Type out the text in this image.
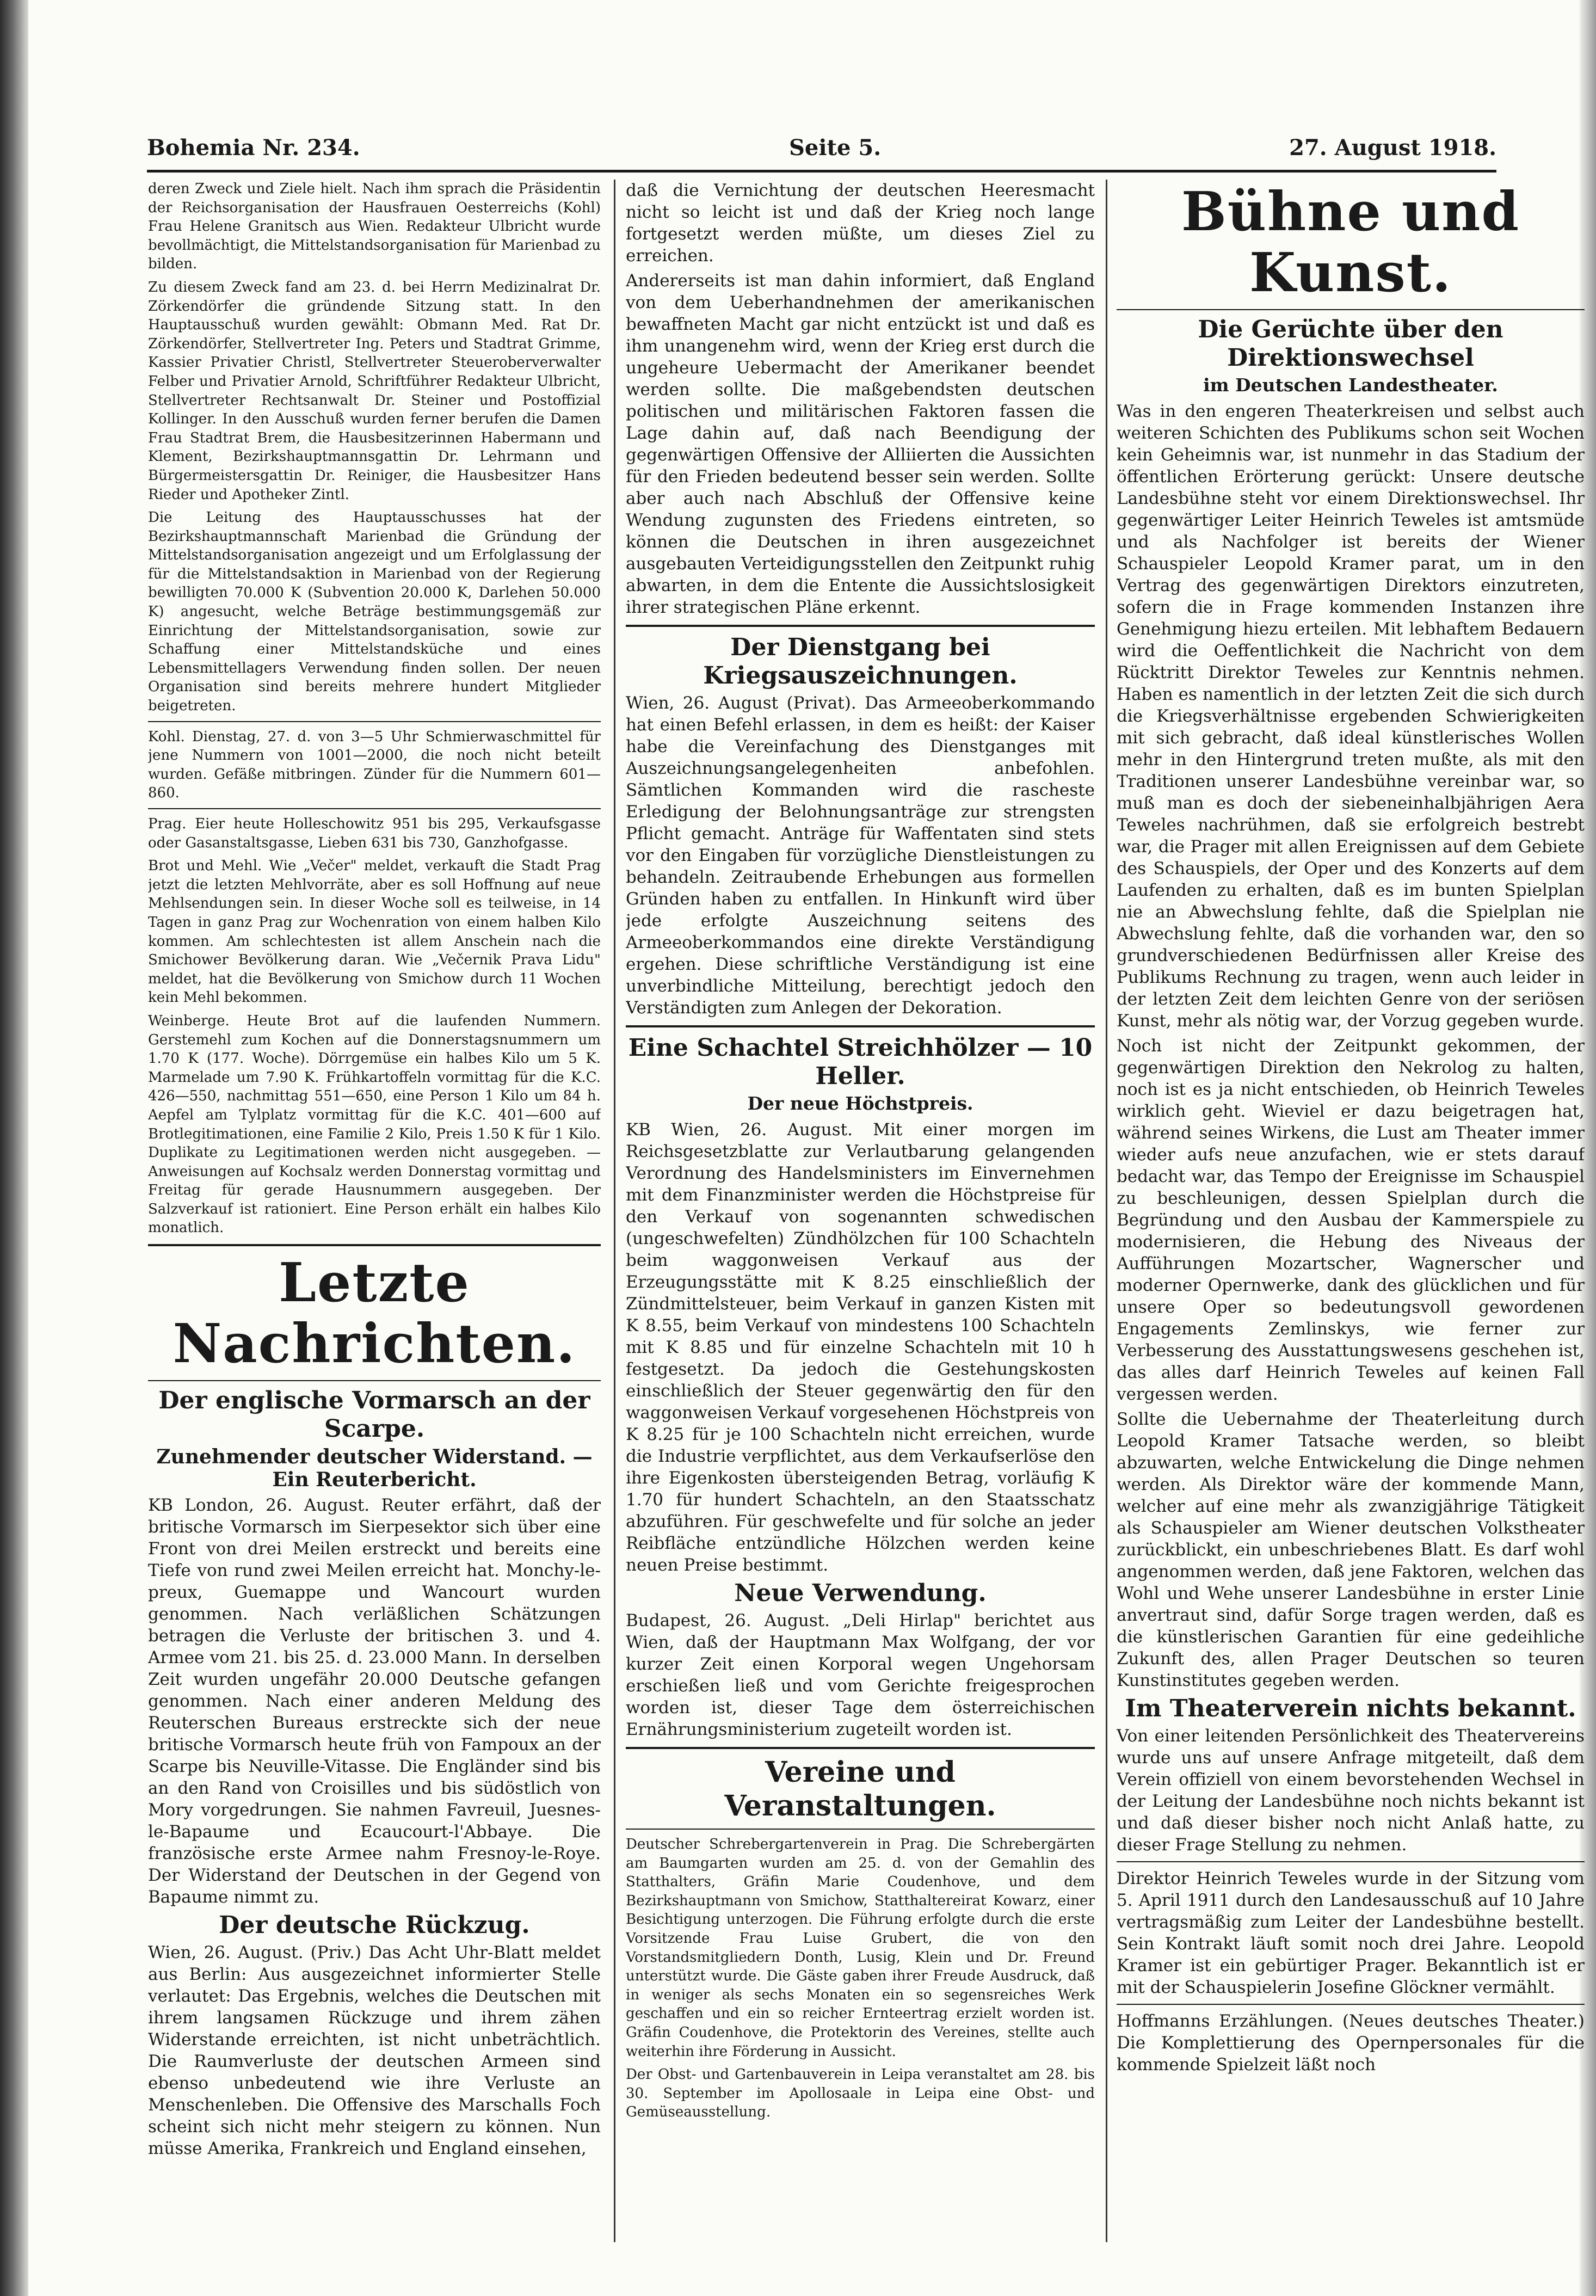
Bohemia Nr. 234.	Seite 5.	27. August 1918.

deren Zweck und Ziele hielt. Nach ihm sprach die Präsidentin der Reichsorganisation der Hausfrauen Oesterreichs (Kohl) Frau Helene Granitsch aus Wien. Redakteur Ulbricht wurde bevollmächtigt, die Mittelstandsorganisation für Marienbad zu bilden.

Zu diesem Zweck fand am 23. d. bei Herrn Medizinalrat Dr. Zörkendörfer die gründende Sitzung statt. In den Hauptausschuß wurden gewählt: Obmann Med. Rat Dr. Zörkendörfer, Stellvertreter Ing. Peters und Stadtrat Grimme, Kassier Privatier Christl, Stellvertreter Steueroberverwalter Felber und Privatier Arnold, Schriftführer Redakteur Ulbricht, Stellvertreter Rechtsanwalt Dr. Steiner und Postoffizial Kollinger. In den Ausschuß wurden ferner berufen die Damen Frau Stadtrat Brem, die Hausbesitzerinnen Habermann und Klement, Bezirkshauptmannsgattin Dr. Lehrmann und Bürgermeistersgattin Dr. Reiniger, die Hausbesitzer Hans Rieder und Apotheker Zintl.

Die Leitung des Hauptausschusses hat der Bezirkshauptmannschaft Marienbad die Gründung der Mittelstandsorganisation angezeigt und um Erfolglassung der für die Mittelstandsaktion in Marienbad von der Regierung bewilligten 70.000 K (Subvention 20.000 K, Darlehen 50.000 K) angesucht, welche Beträge bestimmungsgemäß zur Einrichtung der Mittelstandsorganisation, sowie zur Schaffung einer Mittelstandsküche und eines Lebensmittellagers Verwendung finden sollen. Der neuen Organisation sind bereits mehrere hundert Mitglieder beigetreten.

Kohl. Dienstag, 27. d. von 3—5 Uhr Schmierwaschmittel für jene Nummern von 1001—2000, die noch nicht beteilt wurden. Gefäße mitbringen. Zünder für die Nummern 601—860.

Prag. Eier heute Holleschowitz 951 bis 295, Verkaufsgasse oder Gasanstaltsgasse, Lieben 631 bis 730, Ganzhofgasse.

Brot und Mehl. Wie „Večer" meldet, verkauft die Stadt Prag jetzt die letzten Mehlvorräte, aber es soll Hoffnung auf neue Mehlsendungen sein. In dieser Woche soll es teilweise, in 14 Tagen in ganz Prag zur Wochenration von einem halben Kilo kommen. Am schlechtesten ist allem Anschein nach die Smichower Bevölkerung daran. Wie „Večernik Prava Lidu" meldet, hat die Bevölkerung von Smichow durch 11 Wochen kein Mehl bekommen.

Weinberge. Heute Brot auf die laufenden Nummern. Gerstemehl zum Kochen auf die Donnerstagsnummern um 1.70 K (177. Woche). Dörrgemüse ein halbes Kilo um 5 K. Marmelade um 7.90 K. Frühkartoffeln vormittag für die K.C. 426—550, nachmittag 551—650, eine Person 1 Kilo um 84 h. Aepfel am Tylplatz vormittag für die K.C. 401—600 auf Brotlegitimationen, eine Familie 2 Kilo, Preis 1.50 K für 1 Kilo. Duplikate zu Legitimationen werden nicht ausgegeben. — Anweisungen auf Kochsalz werden Donnerstag vormittag und Freitag für gerade Hausnummern ausgegeben. Der Salzverkauf ist rationiert. Eine Person erhält ein halbes Kilo monatlich.

Letzte Nachrichten.
Der englische Vormarsch an der Scarpe.
Zunehmender deutscher Widerstand. — Ein Reuterbericht.

KB London, 26. August. Reuter erfährt, daß der britische Vormarsch im Sierpesektor sich über eine Front von drei Meilen erstreckt und bereits eine Tiefe von rund zwei Meilen erreicht hat. Monchy-le-preux, Guemappe und Wancourt wurden genommen. Nach verläßlichen Schätzungen betragen die Verluste der britischen 3. und 4. Armee vom 21. bis 25. d. 23.000 Mann. In derselben Zeit wurden ungefähr 20.000 Deutsche gefangen genommen. Nach einer anderen Meldung des Reuterschen Bureaus erstreckte sich der neue britische Vormarsch heute früh von Fampoux an der Scarpe bis Neuville-Vitasse. Die Engländer sind bis an den Rand von Croisilles und bis südöstlich von Mory vorgedrungen. Sie nahmen Favreuil, Juesnes-le-Bapaume und Ecaucourt-l'Abbaye. Die französische erste Armee nahm Fresnoy-le-Roye. Der Widerstand der Deutschen in der Gegend von Bapaume nimmt zu.

Der deutsche Rückzug.

Wien, 26. August. (Priv.) Das Acht Uhr-Blatt meldet aus Berlin: Aus ausgezeichnet informierter Stelle verlautet: Das Ergebnis, welches die Deutschen mit ihrem langsamen Rückzuge und ihrem zähen Widerstande erreichten, ist nicht unbeträchtlich. Die Raumverluste der deutschen Armeen sind ebenso unbedeutend wie ihre Verluste an Menschenleben. Die Offensive des Marschalls Foch scheint sich nicht mehr steigern zu können. Nun müsse Amerika, Frankreich und England einsehen,

daß die Vernichtung der deutschen Heeresmacht nicht so leicht ist und daß der Krieg noch lange fortgesetzt werden müßte, um dieses Ziel zu erreichen.

Andererseits ist man dahin informiert, daß England von dem Ueberhandnehmen der amerikanischen bewaffneten Macht gar nicht entzückt ist und daß es ihm unangenehm wird, wenn der Krieg erst durch die ungeheure Uebermacht der Amerikaner beendet werden sollte. Die maßgebendsten deutschen politischen und militärischen Faktoren fassen die Lage dahin auf, daß nach Beendigung der gegenwärtigen Offensive der Alliierten die Aussichten für den Frieden bedeutend besser sein werden. Sollte aber auch nach Abschluß der Offensive keine Wendung zugunsten des Friedens eintreten, so können die Deutschen in ihren ausgezeichnet ausgebauten Verteidigungsstellen den Zeitpunkt ruhig abwarten, in dem die Entente die Aussichtslosigkeit ihrer strategischen Pläne erkennt.

Der Dienstgang bei Kriegsauszeichnungen.

Wien, 26. August (Privat). Das Armeeoberkommando hat einen Befehl erlassen, in dem es heißt: der Kaiser habe die Vereinfachung des Dienstganges mit Auszeichnungsangelegenheiten anbefohlen. Sämtlichen Kommanden wird die rascheste Erledigung der Belohnungsanträge zur strengsten Pflicht gemacht. Anträge für Waffentaten sind stets vor den Eingaben für vorzügliche Dienstleistungen zu behandeln. Zeitraubende Erhebungen aus formellen Gründen haben zu entfallen. In Hinkunft wird über jede erfolgte Auszeichnung seitens des Armeeoberkommandos eine direkte Verständigung ergehen. Diese schriftliche Verständigung ist eine unverbindliche Mitteilung, berechtigt jedoch den Verständigten zum Anlegen der Dekoration.

Eine Schachtel Streichhölzer — 10 Heller.
Der neue Höchstpreis.

KB Wien, 26. August. Mit einer morgen im Reichsgesetzblatte zur Verlautbarung gelangenden Verordnung des Handelsministers im Einvernehmen mit dem Finanzminister werden die Höchstpreise für den Verkauf von sogenannten schwedischen (ungeschwefelten) Zündhölzchen für 100 Schachteln beim waggonweisen Verkauf aus der Erzeugungsstätte mit K 8.25 einschließlich der Zündmittelsteuer, beim Verkauf in ganzen Kisten mit K 8.55, beim Verkauf von mindestens 100 Schachteln mit K 8.85 und für einzelne Schachteln mit 10 h festgesetzt. Da jedoch die Gestehungskosten einschließlich der Steuer gegenwärtig den für den waggonweisen Verkauf vorgesehenen Höchstpreis von K 8.25 für je 100 Schachteln nicht erreichen, wurde die Industrie verpflichtet, aus dem Verkaufserlöse den ihre Eigenkosten übersteigenden Betrag, vorläufig K 1.70 für hundert Schachteln, an den Staatsschatz abzuführen. Für geschwefelte und für solche an jeder Reibfläche entzündliche Hölzchen werden keine neuen Preise bestimmt.

Neue Verwendung.

Budapest, 26. August. „Deli Hirlap" berichtet aus Wien, daß der Hauptmann Max Wolfgang, der vor kurzer Zeit einen Korporal wegen Ungehorsam erschießen ließ und vom Gerichte freigesprochen worden ist, dieser Tage dem österreichischen Ernährungsministerium zugeteilt worden ist.

Vereine und Veranstaltungen.

Deutscher Schrebergartenverein in Prag. Die Schrebergärten am Baumgarten wurden am 25. d. von der Gemahlin des Statthalters, Gräfin Marie Coudenhove, und dem Bezirkshauptmann von Smichow, Statthaltereirat Kowarz, einer Besichtigung unterzogen. Die Führung erfolgte durch die erste Vorsitzende Frau Luise Grubert, die von den Vorstandsmitgliedern Donth, Lusig, Klein und Dr. Freund unterstützt wurde. Die Gäste gaben ihrer Freude Ausdruck, daß in weniger als sechs Monaten ein so segensreiches Werk geschaffen und ein so reicher Ernteertrag erzielt worden ist. Gräfin Coudenhove, die Protektorin des Vereines, stellte auch weiterhin ihre Förderung in Aussicht.

Der Obst- und Gartenbauverein in Leipa veranstaltet am 28. bis 30. September im Apollosaale in Leipa eine Obst- und Gemüseausstellung.

Bühne und Kunst.
Die Gerüchte über den Direktionswechsel
im Deutschen Landestheater.

Was in den engeren Theaterkreisen und selbst auch weiteren Schichten des Publikums schon seit Wochen kein Geheimnis war, ist nunmehr in das Stadium der öffentlichen Erörterung gerückt: Unsere deutsche Landesbühne steht vor einem Direktionswechsel. Ihr gegenwärtiger Leiter Heinrich Teweles ist amtsmüde und als Nachfolger ist bereits der Wiener Schauspieler Leopold Kramer parat, um in den Vertrag des gegenwärtigen Direktors einzutreten, sofern die in Frage kommenden Instanzen ihre Genehmigung hiezu erteilen. Mit lebhaftem Bedauern wird die Oeffentlichkeit die Nachricht von dem Rücktritt Direktor Teweles zur Kenntnis nehmen. Haben es namentlich in der letzten Zeit die sich durch die Kriegsverhältnisse ergebenden Schwierigkeiten mit sich gebracht, daß ideal künstlerisches Wollen mehr in den Hintergrund treten mußte, als mit den Traditionen unserer Landesbühne vereinbar war, so muß man es doch der siebeneinhalbjährigen Aera Teweles nachrühmen, daß sie erfolgreich bestrebt war, die Prager mit allen Ereignissen auf dem Gebiete des Schauspiels, der Oper und des Konzerts auf dem Laufenden zu erhalten, daß es im bunten Spielplan nie an Abwechslung fehlte, daß die Spielplan nie Abwechslung fehlte, daß die vorhanden war, den so grundverschiedenen Bedürfnissen aller Kreise des Publikums Rechnung zu tragen, wenn auch leider in der letzten Zeit dem leichten Genre von der seriösen Kunst, mehr als nötig war, der Vorzug gegeben wurde.

Noch ist nicht der Zeitpunkt gekommen, der gegenwärtigen Direktion den Nekrolog zu halten, noch ist es ja nicht entschieden, ob Heinrich Teweles wirklich geht. Wieviel er dazu beigetragen hat, während seines Wirkens, die Lust am Theater immer wieder aufs neue anzufachen, wie er stets darauf bedacht war, das Tempo der Ereignisse im Schauspiel zu beschleunigen, dessen Spielplan durch die Begründung und den Ausbau der Kammerspiele zu modernisieren, die Hebung des Niveaus der Aufführungen Mozartscher, Wagnerscher und moderner Opernwerke, dank des glücklichen und für unsere Oper so bedeutungsvoll gewordenen Engagements Zemlinskys, wie ferner zur Verbesserung des Ausstattungswesens geschehen ist, das alles darf Heinrich Teweles auf keinen Fall vergessen werden.

Sollte die Uebernahme der Theaterleitung durch Leopold Kramer Tatsache werden, so bleibt abzuwarten, welche Entwickelung die Dinge nehmen werden. Als Direktor wäre der kommende Mann, welcher auf eine mehr als zwanzigjährige Tätigkeit als Schauspieler am Wiener deutschen Volkstheater zurückblickt, ein unbeschriebenes Blatt. Es darf wohl angenommen werden, daß jene Faktoren, welchen das Wohl und Wehe unserer Landesbühne in erster Linie anvertraut sind, dafür Sorge tragen werden, daß es die künstlerischen Garantien für eine gedeihliche Zukunft des, allen Prager Deutschen so teuren Kunstinstitutes gegeben werden.

Im Theaterverein nichts bekannt.

Von einer leitenden Persönlichkeit des Theatervereins wurde uns auf unsere Anfrage mitgeteilt, daß dem Verein offiziell von einem bevorstehenden Wechsel in der Leitung der Landesbühne noch nichts bekannt ist und daß dieser bisher noch nicht Anlaß hatte, zu dieser Frage Stellung zu nehmen.

Direktor Heinrich Teweles wurde in der Sitzung vom 5. April 1911 durch den Landesausschuß auf 10 Jahre vertragsmäßig zum Leiter der Landesbühne bestellt. Sein Kontrakt läuft somit noch drei Jahre. Leopold Kramer ist ein gebürtiger Prager. Bekanntlich ist er mit der Schauspielerin Josefine Glöckner vermählt.

Hoffmanns Erzählungen. (Neues deutsches Theater.) Die Komplettierung des Opernpersonales für die kommende Spielzeit läßt noch
